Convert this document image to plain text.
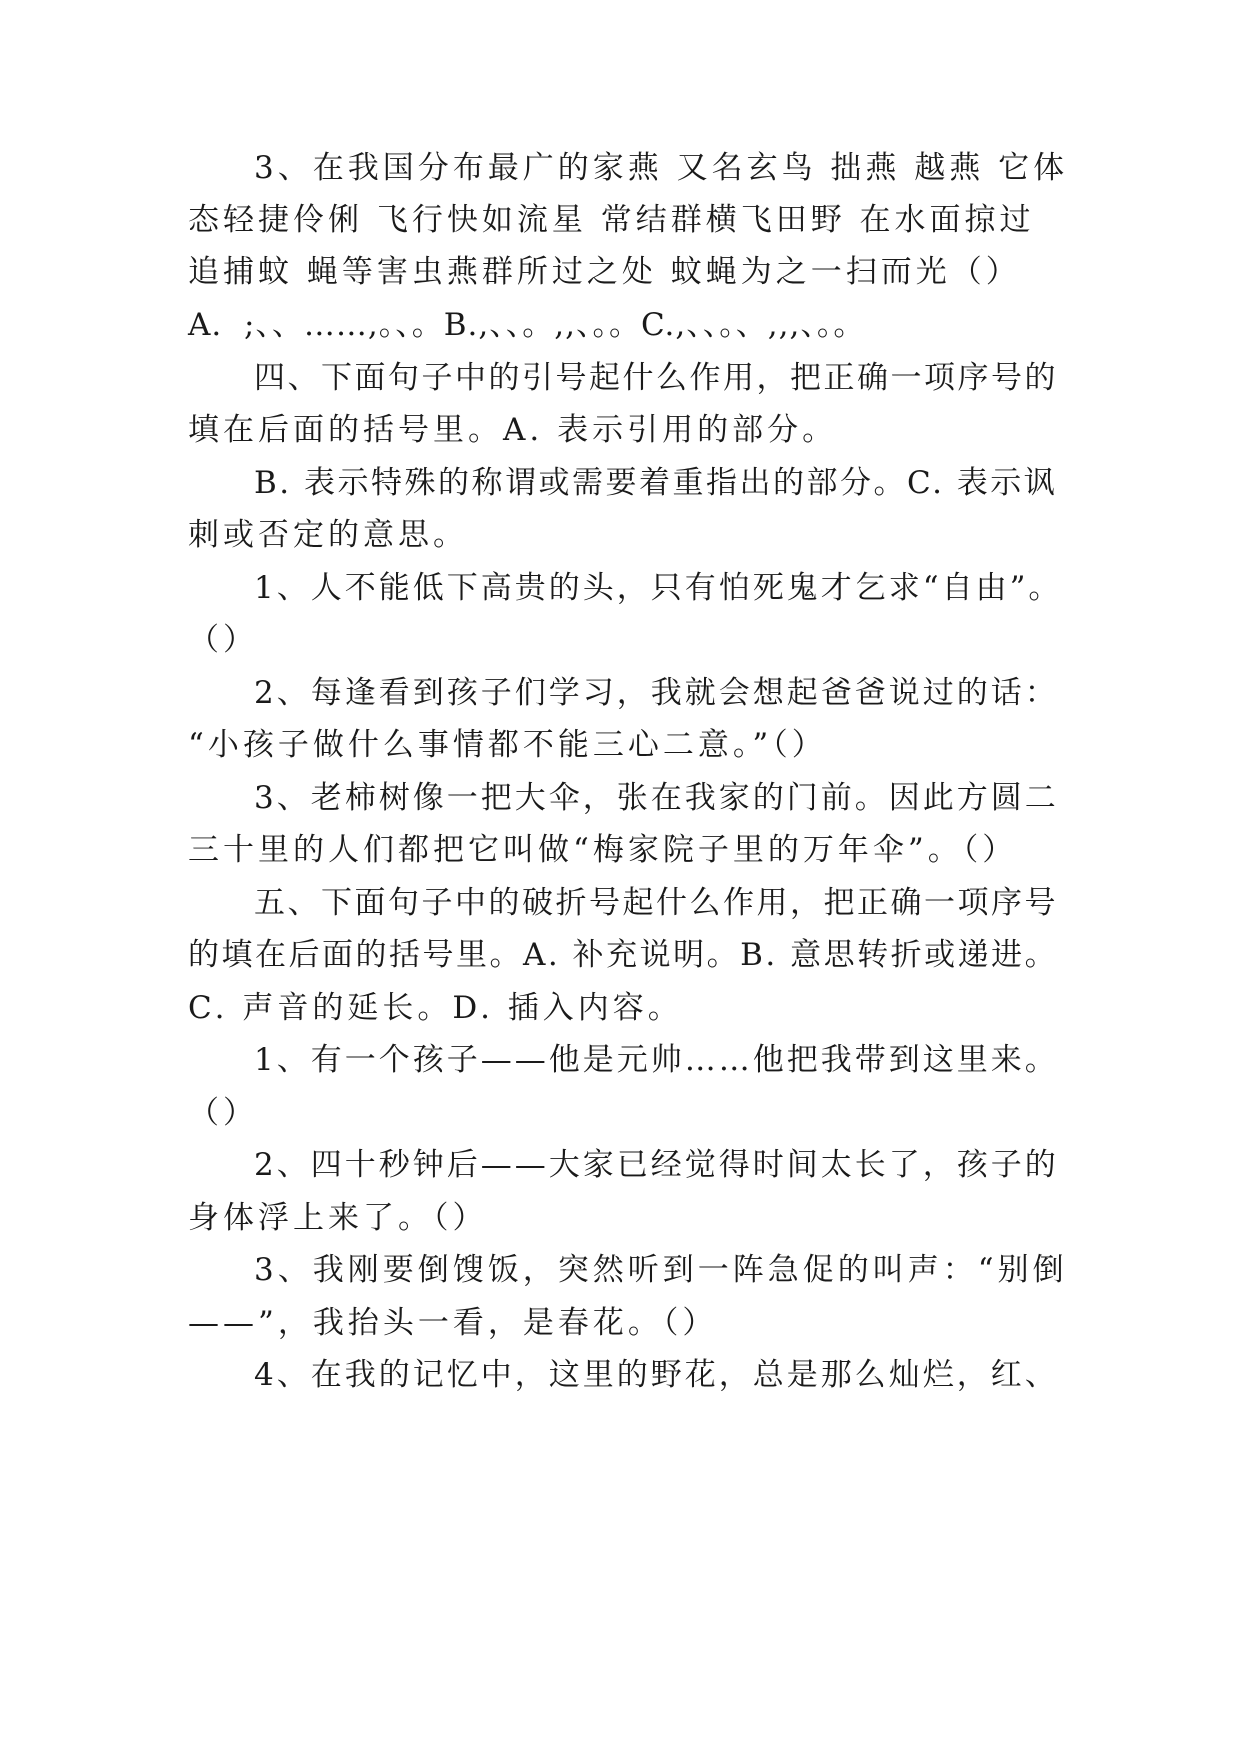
3、在我国分布最广的家燕 又名玄鸟 拙燕 越燕 它体
态轻捷伶俐 飞行快如流星 常结群横飞田野 在水面掠过
追捕蚊 蝇等害虫燕群所过之处 蚊蝇为之一扫而光（）
A.  ;、、……,。、。B.,、、。,,、。。C.,、、。、,,,、。。
四、下面句子中的引号起什么作用，把正确一项序号的
填在后面的括号里。A. 表示引用的部分。
B. 表示特殊的称谓或需要着重指出的部分。C. 表示讽
刺或否定的意思。
1、人不能低下高贵的头，只有怕死鬼才乞求“自由”。
（）
2、每逢看到孩子们学习，我就会想起爸爸说过的话：
“小孩子做什么事情都不能三心二意。”（）
3、老柿树像一把大伞，张在我家的门前。因此方圆二
三十里的人们都把它叫做“梅家院子里的万年伞”。（）
五、下面句子中的破折号起什么作用，把正确一项序号
的填在后面的括号里。A. 补充说明。B. 意思转折或递进。
C. 声音的延长。D. 插入内容。
1、有一个孩子——他是元帅……他把我带到这里来。
（）
2、四十秒钟后——大家已经觉得时间太长了，孩子的
身体浮上来了。（）
3、我刚要倒馊饭，突然听到一阵急促的叫声：“别倒
——”，我抬头一看，是春花。（）
4、在我的记忆中，这里的野花，总是那么灿烂，红、
